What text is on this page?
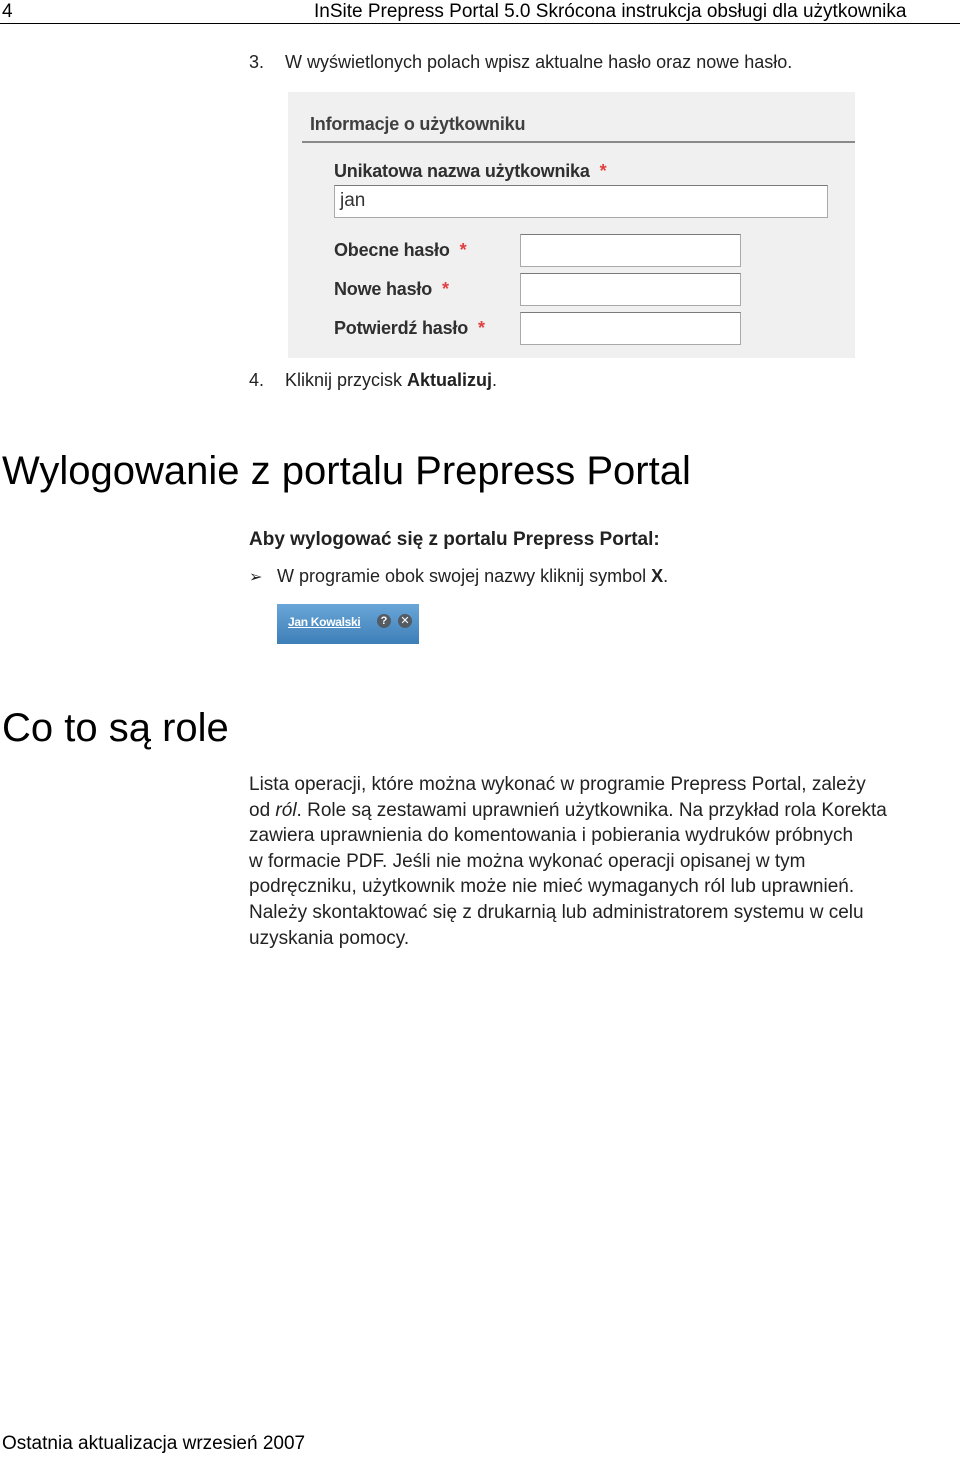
4	InSite Prepress Portal 5.0 Skrócona instrukcja obsługi dla użytkownika
3. W wyświetlonych polach wpisz aktualne hasło oraz nowe hasło.
Informacje o użytkowniku
Unikatowa nazwa użytkownika *
jan
Obecne hasło *
Nowe hasło *
Potwierdź hasło *
4. Kliknij przycisk Aktualizuj.
Wylogowanie z portalu Prepress Portal
Aby wylogować się z portalu Prepress Portal:
➢ W programie obok swojej nazwy kliknij symbol X.
Jan Kowalski	?	✕
Co to są role

Lista operacji, które można wykonać w programie Prepress Portal, zależy

od ról. Role są zestawami uprawnień użytkownika. Na przykład rola Korekta

zawiera uprawnienia do komentowania i pobierania wydruków próbnych

w formacie PDF. Jeśli nie można wykonać operacji opisanej w tym

podręczniku, użytkownik może nie mieć wymaganych ról lub uprawnień.

Należy skontaktować się z drukarnią lub administratorem systemu w celu

uzyskania pomocy.

Ostatnia aktualizacja wrzesień 2007
